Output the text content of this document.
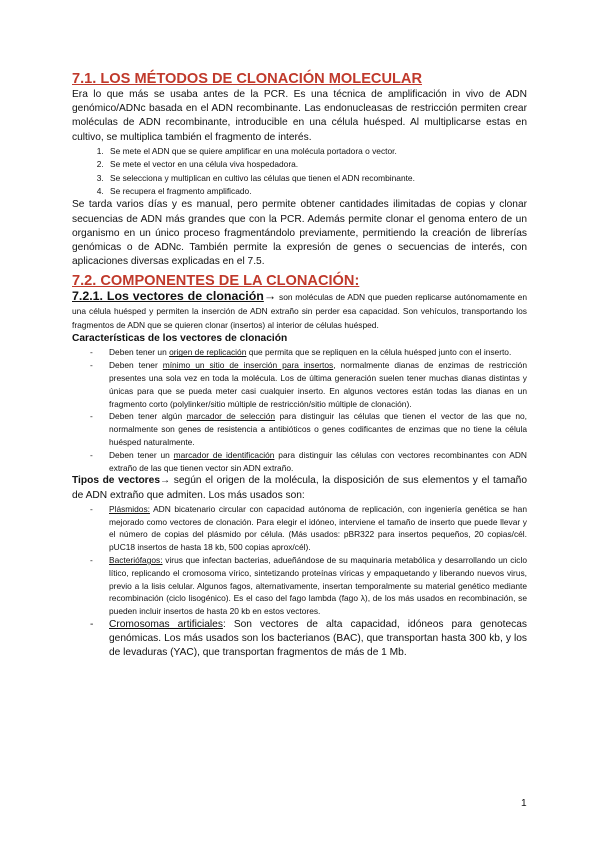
7.1. LOS MÉTODOS DE CLONACIÓN MOLECULAR

Era lo que más se usaba antes de la PCR. Es una técnica de amplificación in vivo de ADN genómico/ADNc basada en el ADN recombinante. Las endonucleasas de restricción permiten crear moléculas de ADN recombinante, introducible en una célula huésped. Al multiplicarse estas en cultivo, se multiplica también el fragmento de interés.

1. Se mete el ADN que se quiere amplificar en una molécula portadora o vector.
2. Se mete el vector en una célula viva hospedadora.
3. Se selecciona y multiplican en cultivo las células que tienen el ADN recombinante.
4. Se recupera el fragmento amplificado.

Se tarda varios días y es manual, pero permite obtener cantidades ilimitadas de copias y clonar secuencias de ADN más grandes que con la PCR. Además permite clonar el genoma entero de un organismo en un único proceso fragmentándolo previamente, permitiendo la creación de librerías genómicas o de ADNc. También permite la expresión de genes o secuencias de interés, con aplicaciones diversas explicadas en el 7.5.

7.2. COMPONENTES DE LA CLONACIÓN:

7.2.1. Los vectores de clonación→ son moléculas de ADN que pueden replicarse autónomamente en una célula huésped y permiten la inserción de ADN extraño sin perder esa capacidad. Son vehículos, transportando los fragmentos de ADN que se quieren clonar (insertos) al interior de células huésped.

Características de los vectores de clonación

- Deben tener un origen de replicación que permita que se repliquen en la célula huésped junto con el inserto.
- Deben tener mínimo un sitio de inserción para insertos, normalmente dianas de enzimas de restricción presentes una sola vez en toda la molécula. Los de última generación suelen tener muchas dianas distintas y únicas para que se pueda meter casi cualquier inserto. En algunos vectores están todas las dianas en un fragmento corto (polylinker/sitio múltiple de restricción/sitio múltiple de clonación).
- Deben tener algún marcador de selección para distinguir las células que tienen el vector de las que no, normalmente son genes de resistencia a antibióticos o genes codificantes de enzimas que no tiene la célula huésped naturalmente.
- Deben tener un marcador de identificación para distinguir las células con vectores recombinantes con ADN extraño de las que tienen vector sin ADN extraño.

Tipos de vectores→ según el origen de la molécula, la disposición de sus elementos y el tamaño de ADN extraño que admiten. Los más usados son:

- Plásmidos: ADN bicatenario circular con capacidad autónoma de replicación, con ingeniería genética se han mejorado como vectores de clonación. Para elegir el idóneo, interviene el tamaño de inserto que puede llevar y el número de copias del plásmido por célula. (Más usados: pBR322 para insertos pequeños, 20 copias/cél. pUC18 insertos de hasta 18 kb, 500 copias aprox/cél).
- Bacteriófagos: virus que infectan bacterias, adueñándose de su maquinaria metabólica y desarrollando un ciclo lítico, replicando el cromosoma vírico, sintetizando proteínas víricas y empaquetando y liberando nuevos virus, previo a la lisis celular. Algunos fagos, alternativamente, insertan temporalmente su material genético mediante recombinación (ciclo lisogénico). Es el caso del fago lambda (fago λ), de los más usados en recombinación, se pueden incluir insertos de hasta 20 kb en estos vectores.
- Cromosomas artificiales: Son vectores de alta capacidad, idóneos para genotecas genómicas. Los más usados son los bacterianos (BAC), que transportan hasta 300 kb, y los de levaduras (YAC), que transportan fragmentos de más de 1 Mb.
1
